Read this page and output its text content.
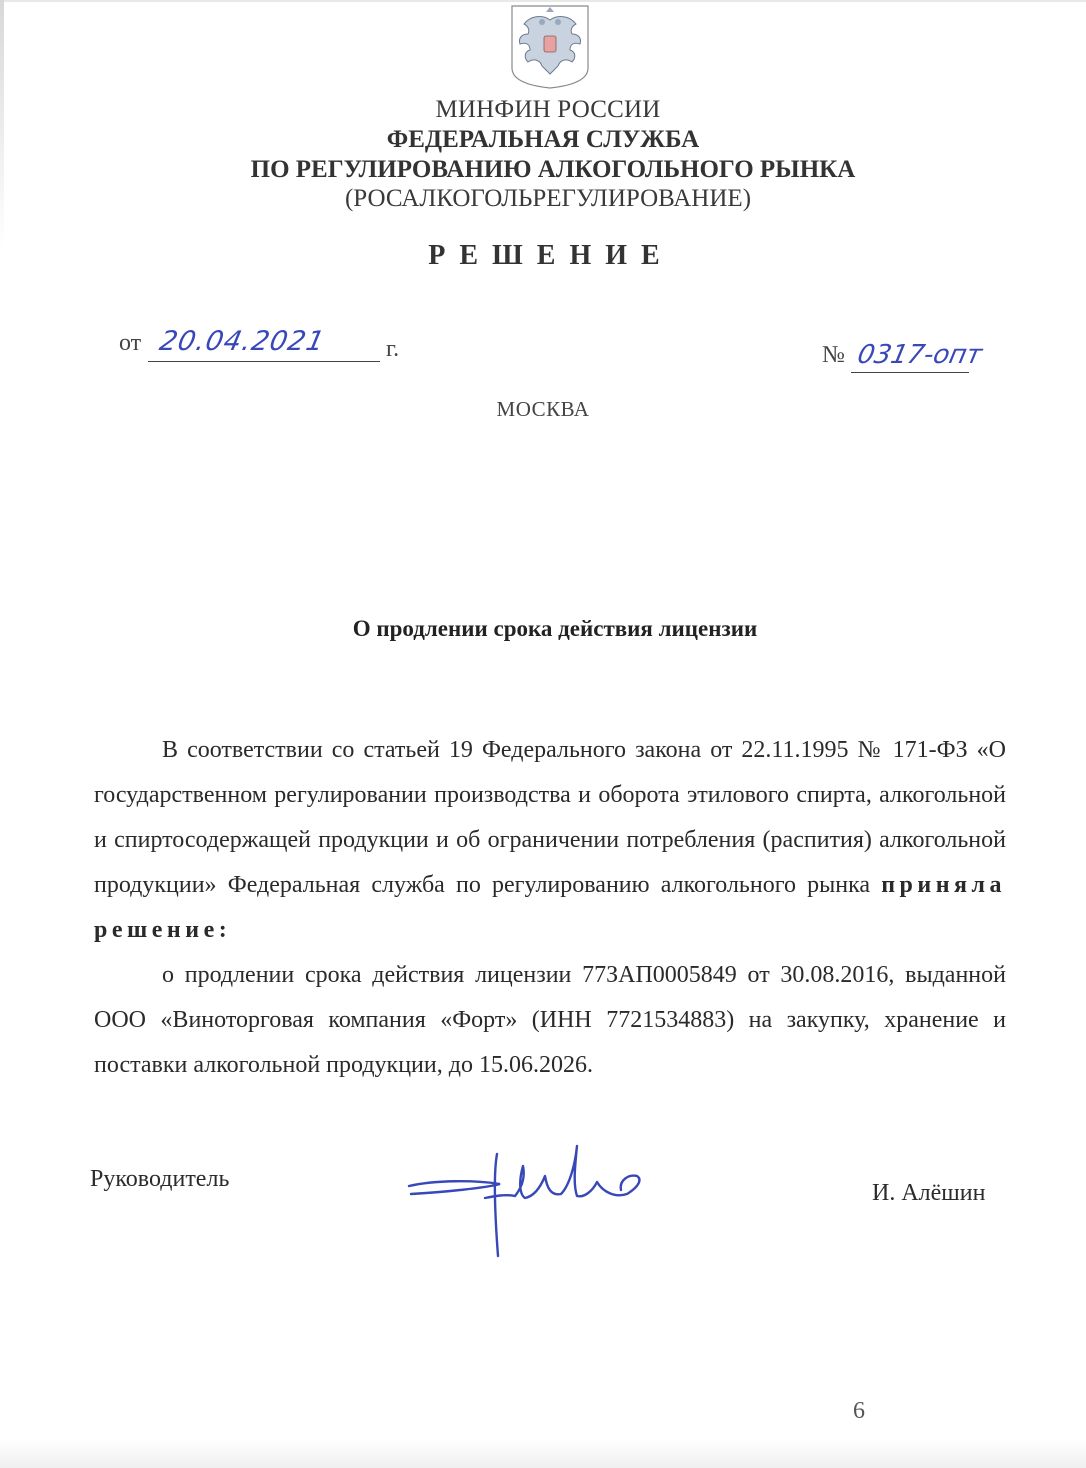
МИНФИН РОССИИ
ФЕДЕРАЛЬНАЯ СЛУЖБА
ПО РЕГУЛИРОВАНИЮ АЛКОГОЛЬНОГО РЫНКА
(РОСАЛКОГОЛЬРЕГУЛИРОВАНИЕ)
РЕШЕНИЕ
от 20.04.2021 г.	№ 0317-опт
МОСКВА
О продлении срока действия лицензии

В соответствии со статьей 19 Федерального закона от 22.11.1995 № 171-ФЗ «О государственном регулировании производства и оборота этилового спирта, алкогольной и спиртосодержащей продукции и об ограничении потребления (распития) алкогольной продукции» Федеральная служба по регулированию алкогольного рынка приняла решение:

о продлении срока действия лицензии 77ЗАП0005849 от 30.08.2016, выданной ООО «Виноторговая компания «Форт» (ИНН 7721534883) на закупку, хранение и поставки алкогольной продукции, до 15.06.2026.

Руководитель
И. Алёшин
6
